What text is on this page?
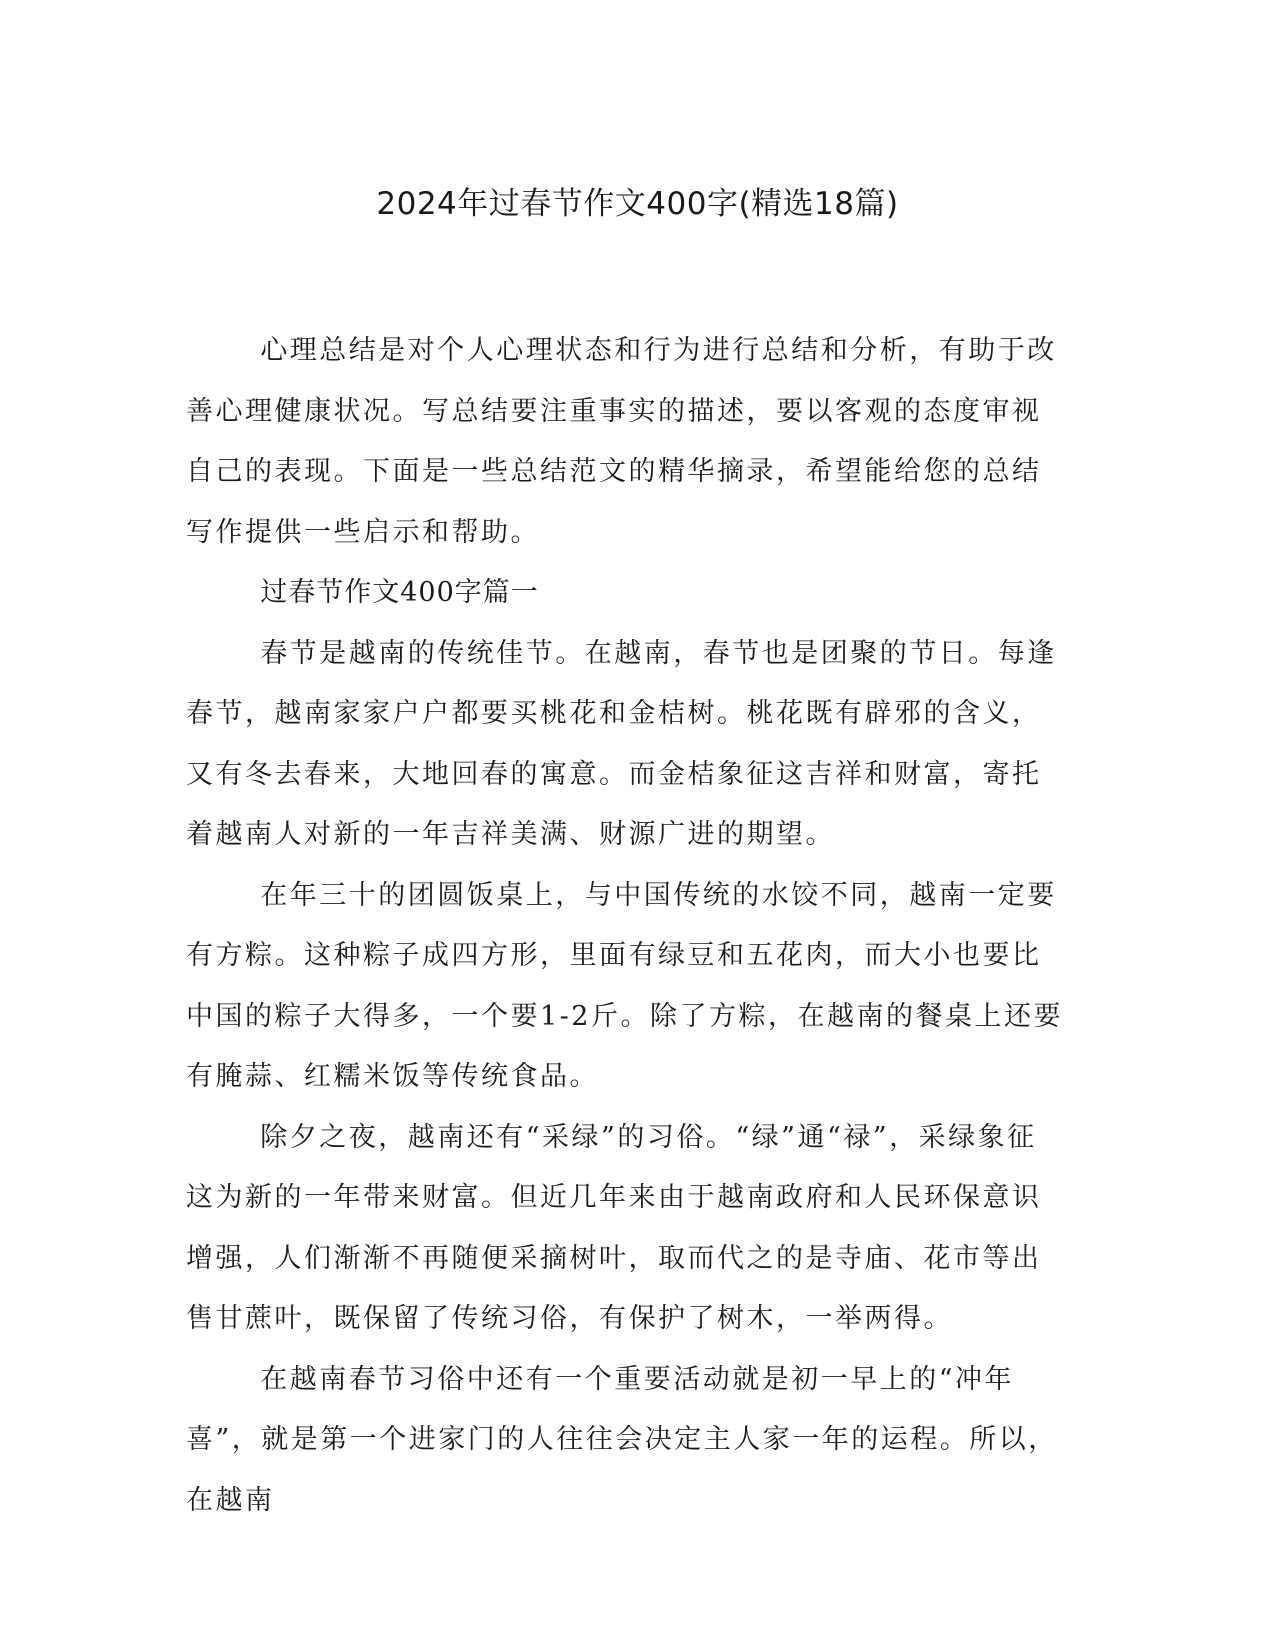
2024年过春节作文400字(精选18篇)

心理总结是对个人心理状态和行为进行总结和分析，有助于改善心理健康状况。写总结要注重事实的描述，要以客观的态度审视自己的表现。下面是一些总结范文的精华摘录，希望能给您的总结写作提供一些启示和帮助。

过春节作文400字篇一

春节是越南的传统佳节。在越南，春节也是团聚的节日。每逢春节，越南家家户户都要买桃花和金桔树。桃花既有辟邪的含义，又有冬去春来，大地回春的寓意。而金桔象征这吉祥和财富，寄托着越南人对新的一年吉祥美满、财源广进的期望。

在年三十的团圆饭桌上，与中国传统的水饺不同，越南一定要有方粽。这种粽子成四方形，里面有绿豆和五花肉，而大小也要比中国的粽子大得多，一个要1-2斤。除了方粽，在越南的餐桌上还要有腌蒜、红糯米饭等传统食品。

除夕之夜，越南还有“采绿”的习俗。“绿”通“禄”，采绿象征这为新的一年带来财富。但近几年来由于越南政府和人民环保意识增强，人们渐渐不再随便采摘树叶，取而代之的是寺庙、花市等出售甘蔗叶，既保留了传统习俗，有保护了树木，一举两得。

在越南春节习俗中还有一个重要活动就是初一早上的“冲年喜”，就是第一个进家门的人往往会决定主人家一年的运程。所以，在越南
